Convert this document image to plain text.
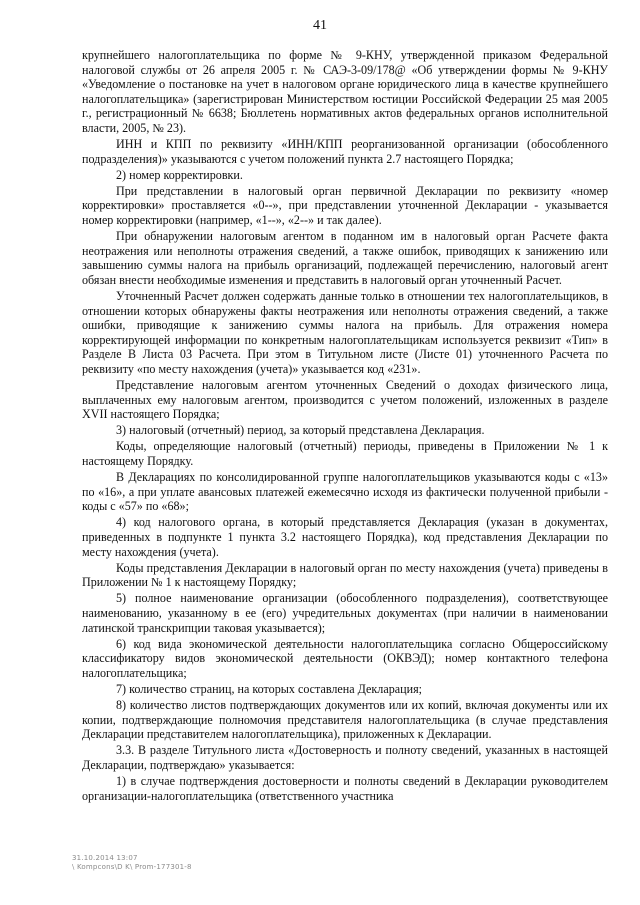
41

крупнейшего налогоплательщика по форме № 9-КНУ, утвержденной приказом Федеральной налоговой службы от 26 апреля 2005 г. № САЭ-3-09/178@ «Об утверждении формы № 9-КНУ «Уведомление о постановке на учет в налоговом органе юридического лица в качестве крупнейшего налогоплательщика» (зарегистрирован Министерством юстиции Российской Федерации 25 мая 2005 г., регистрационный № 6638; Бюллетень нормативных актов федеральных органов исполнительной власти, 2005, № 23).

ИНН и КПП по реквизиту «ИНН/КПП реорганизованной организации (обособленного подразделения)» указываются с учетом положений пункта 2.7 настоящего Порядка;

2) номер корректировки.

При представлении в налоговый орган первичной Декларации по реквизиту «номер корректировки» проставляется «0--», при представлении уточненной Декларации - указывается номер корректировки (например, «1--», «2--» и так далее).

При обнаружении налоговым агентом в поданном им в налоговый орган Расчете факта неотражения или неполноты отражения сведений, а также ошибок, приводящих к занижению или завышению суммы налога на прибыль организаций, подлежащей перечислению, налоговый агент обязан внести необходимые изменения и представить в налоговый орган уточненный Расчет.

Уточненный Расчет должен содержать данные только в отношении тех налогоплательщиков, в отношении которых обнаружены факты неотражения или неполноты отражения сведений, а также ошибки, приводящие к занижению суммы налога на прибыль. Для отражения номера корректирующей информации по конкретным налогоплательщикам используется реквизит «Тип» в Разделе В Листа 03 Расчета. При этом в Титульном листе (Листе 01) уточненного Расчета по реквизиту «по месту нахождения (учета)» указывается код «231».

Представление налоговым агентом уточненных Сведений о доходах физического лица, выплаченных ему налоговым агентом, производится с учетом положений, изложенных в разделе XVII настоящего Порядка;

3) налоговый (отчетный) период, за который представлена Декларация.

Коды, определяющие налоговый (отчетный) периоды, приведены в Приложении № 1 к настоящему Порядку.

В Декларациях по консолидированной группе налогоплательщиков указываются коды с «13» по «16», а при уплате авансовых платежей ежемесячно исходя из фактически полученной прибыли - коды с «57» по «68»;

4) код налогового органа, в который представляется Декларация (указан в документах, приведенных в подпункте 1 пункта 3.2 настоящего Порядка), код представления Декларации по месту нахождения (учета).

Коды представления Декларации в налоговый орган по месту нахождения (учета) приведены в Приложении № 1 к настоящему Порядку;

5) полное наименование организации (обособленного подразделения), соответствующее наименованию, указанному в ее (его) учредительных документах (при наличии в наименовании латинской транскрипции таковая указывается);

6) код вида экономической деятельности налогоплательщика согласно Общероссийскому классификатору видов экономической деятельности (ОКВЭД); номер контактного телефона налогоплательщика;

7) количество страниц, на которых составлена Декларация;

8) количество листов подтверждающих документов или их копий, включая документы или их копии, подтверждающие полномочия представителя налогоплательщика (в случае представления Декларации представителем налогоплательщика), приложенных к Декларации.

3.3. В разделе Титульного листа «Достоверность и полноту сведений, указанных в настоящей Декларации, подтверждаю» указывается:

1) в случае подтверждения достоверности и полноты сведений в Декларации руководителем организации-налогоплательщика (ответственного участника

31.10.2014 13:07
\ Kompcons\D K\ Prom-177301-8
